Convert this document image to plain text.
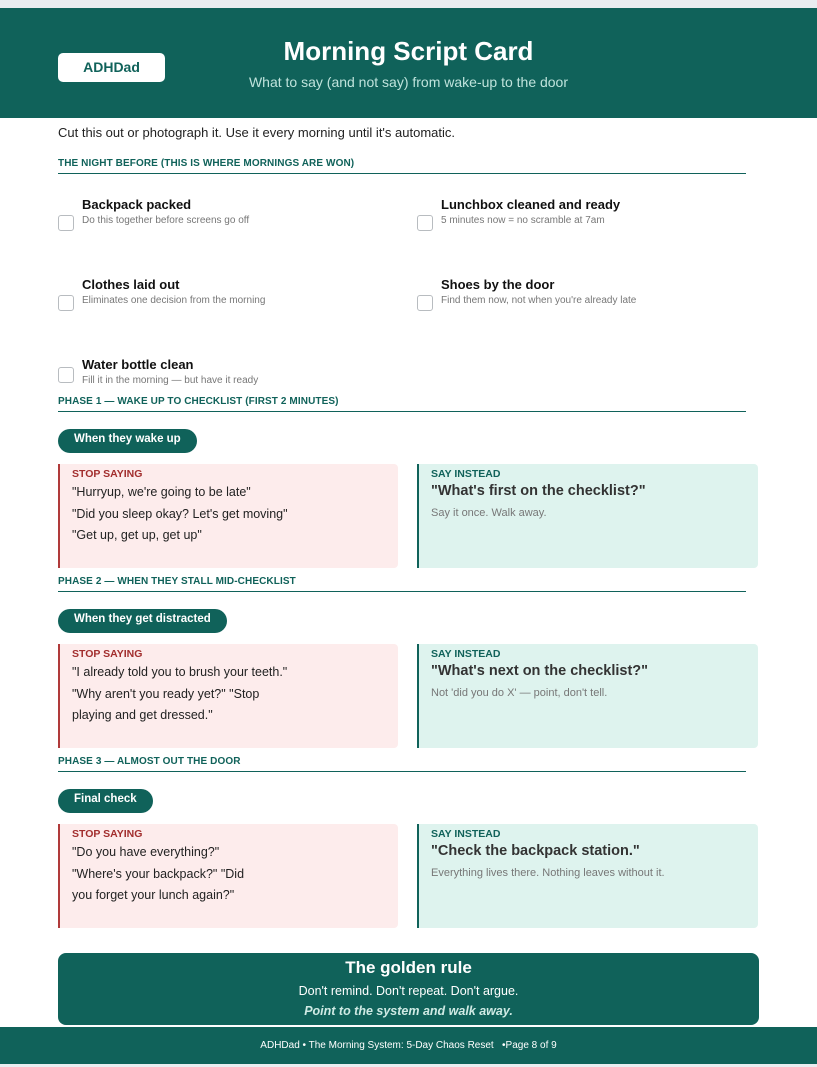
ADHDad
Morning Script Card
What to say (and not say) from wake-up to the door
Cut this out or photograph it. Use it every morning until it's automatic.
THE NIGHT BEFORE (THIS IS WHERE MORNINGS ARE WON)
Backpack packed
Do this together before screens go off
Lunchbox cleaned and ready
5 minutes now = no scramble at 7am
Clothes laid out
Eliminates one decision from the morning
Shoes by the door
Find them now, not when you're already late
Water bottle clean
Fill it in the morning — but have it ready
PHASE 1 — WAKE UP TO CHECKLIST (FIRST 2 MINUTES)
When they wake up
STOP SAYING
"Hurryup, we're going to be late"
"Did you sleep okay? Let's get moving"
"Get up, get up, get up"
SAY INSTEAD
"What's first on the checklist?"
Say it once. Walk away.
PHASE 2 — WHEN THEY STALL MID-CHECKLIST
When they get distracted
STOP SAYING
"I already told you to brush your teeth."
"Why aren't you ready yet?" "Stop
playing and get dressed."
SAY INSTEAD
"What's next on the checklist?"
Not 'did you do X' — point, don't tell.
PHASE 3 — ALMOST OUT THE DOOR
Final check
STOP SAYING
"Do you have everything?"
"Where's your backpack?" "Did
you forget your lunch again?"
SAY INSTEAD
"Check the backpack station."
Everything lives there. Nothing leaves without it.
The golden rule
Don't remind. Don't repeat. Don't argue.
Point to the system and walk away.
ADHDad • The Morning System: 5-Day Chaos Reset   •Page 8 of 9
